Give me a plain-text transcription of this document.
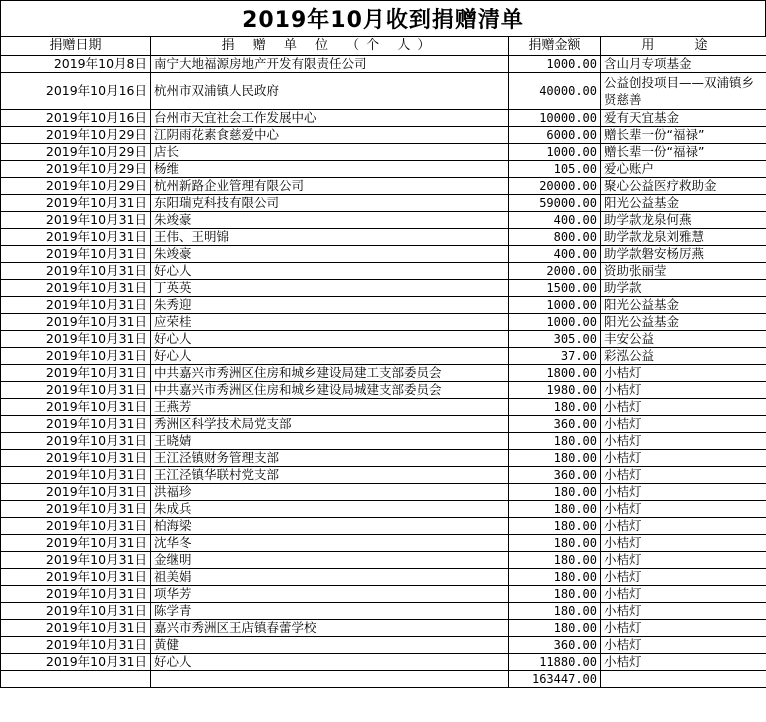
2019年10月收到捐赠清单
捐赠日期	捐 赠 单 位 （个 人）	捐赠金额	用 途
2019年10月8日	南宁大地福源房地产开发有限责任公司	1000.00	含山月专项基金
2019年10月16日	杭州市双浦镇人民政府	40000.00	公益创投项目——双浦镇乡贤慈善
2019年10月16日	台州市天宜社会工作发展中心	10000.00	爱有天宜基金
2019年10月29日	江阴雨花素食慈爱中心	6000.00	赠长辈一份“福禄”
2019年10月29日	店长	1000.00	赠长辈一份“福禄”
2019年10月29日	杨维	105.00	爱心账户
2019年10月29日	杭州新路企业管理有限公司	20000.00	聚心公益医疗救助金
2019年10月31日	东阳瑞克科技有限公司	59000.00	阳光公益基金
2019年10月31日	朱竣豪	400.00	助学款龙泉何燕
2019年10月31日	王伟、王明锦	800.00	助学款龙泉刘雅慧
2019年10月31日	朱竣豪	400.00	助学款磐安杨厉燕
2019年10月31日	好心人	2000.00	资助张丽莹
2019年10月31日	丁英英	1500.00	助学款
2019年10月31日	朱秀迎	1000.00	阳光公益基金
2019年10月31日	应荣桂	1000.00	阳光公益基金
2019年10月31日	好心人	305.00	丰安公益
2019年10月31日	好心人	37.00	彩泓公益
2019年10月31日	中共嘉兴市秀洲区住房和城乡建设局建工支部委员会	1800.00	小桔灯
2019年10月31日	中共嘉兴市秀洲区住房和城乡建设局城建支部委员会	1980.00	小桔灯
2019年10月31日	王燕芳	180.00	小桔灯
2019年10月31日	秀洲区科学技术局党支部	360.00	小桔灯
2019年10月31日	王晓婧	180.00	小桔灯
2019年10月31日	王江泾镇财务管理支部	180.00	小桔灯
2019年10月31日	王江泾镇华联村党支部	360.00	小桔灯
2019年10月31日	洪福珍	180.00	小桔灯
2019年10月31日	朱成兵	180.00	小桔灯
2019年10月31日	柏海梁	180.00	小桔灯
2019年10月31日	沈华冬	180.00	小桔灯
2019年10月31日	金继明	180.00	小桔灯
2019年10月31日	祖美娟	180.00	小桔灯
2019年10月31日	项华芳	180.00	小桔灯
2019年10月31日	陈学青	180.00	小桔灯
2019年10月31日	嘉兴市秀洲区王店镇春蕾学校	180.00	小桔灯
2019年10月31日	黄健	360.00	小桔灯
2019年10月31日	好心人	11880.00	小桔灯
		163447.00	
